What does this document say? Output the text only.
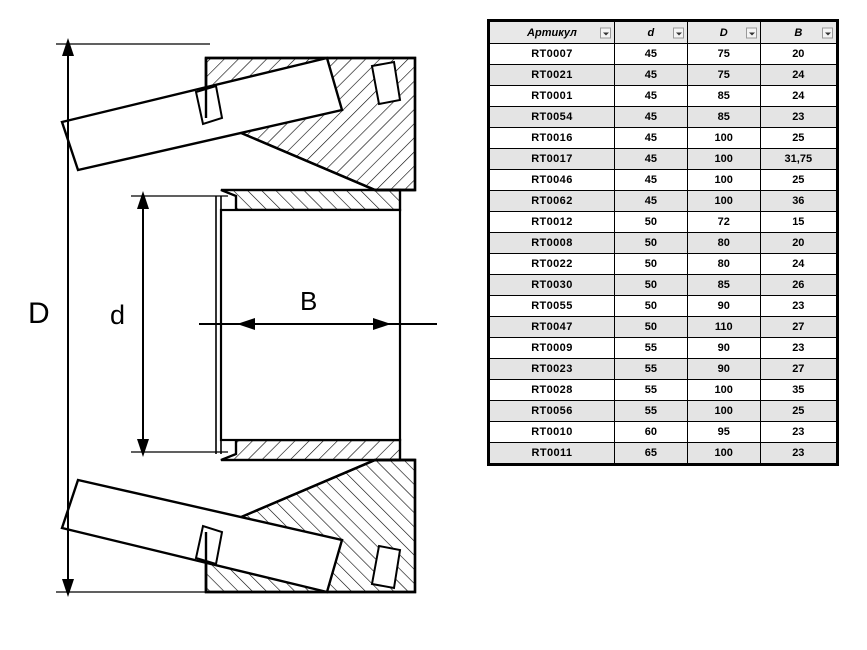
D d	B
Артикул	d	D	B

RT0007	45	75	20
RT0021	45	75	24
RT0001	45	85	24
RT0054	45	85	23
RT0016	45	100	25
RT0017	45	100	31,75
RT0046	45	100	25
RT0062	45	100	36
RT0012	50	72	15
RT0008	50	80	20
RT0022	50	80	24
RT0030	50	85	26
RT0055	50	90	23
RT0047	50	110	27
RT0009	55	90	23
RT0023	55	90	27
RT0028	55	100	35
RT0056	55	100	25
RT0010	60	95	23
RT0011	65	100	23
